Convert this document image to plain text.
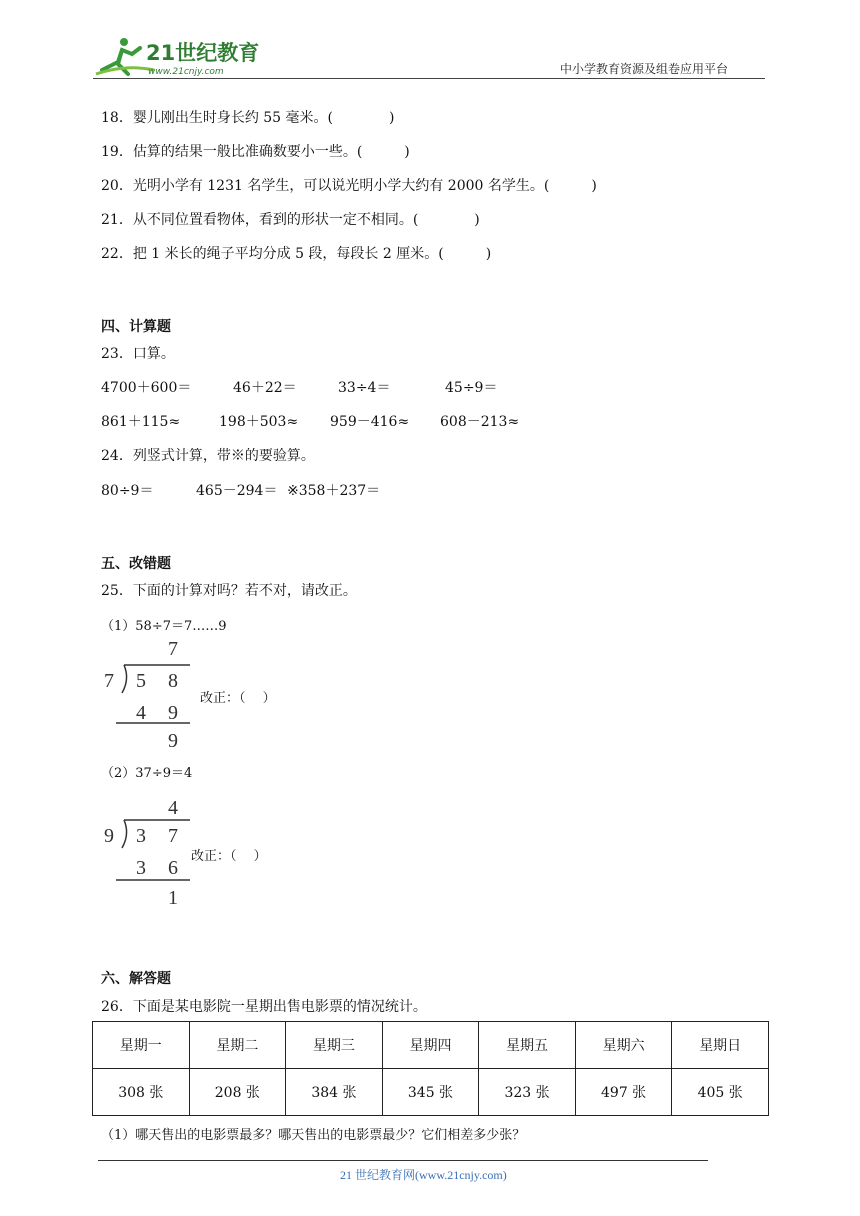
21世纪教育
www.21cnjy.com	中小学教育资源及组卷应用平台
18．婴儿刚出生时身长约 55 毫米。(　　　　)
19．估算的结果一般比准确数要小一些。(　　　)
20．光明小学有 1231 名学生，可以说光明小学大约有 2000 名学生。(　　　)
21．从不同位置看物体，看到的形状一定不相同。(　　　　)
22．把 1 米长的绳子平均分成 5 段，每段长 2 厘米。(　　　)
四、计算题
23．口算。
4700＋600＝	46＋22＝	33÷4＝	45÷9＝
861＋115≈	198＋503≈ 959－416≈ 608－213≈
24．列竖式计算，带※的要验算。
80÷9＝	465－294＝ ※358＋237＝
五、改错题
25．下面的计算对吗？若不对，请改正。
（1）58÷7＝7……9
7
7 5 8
4 9
9
改正：（　 ）
（2）37÷9＝4
4
9 3 7
3 6
1
改正：（　 ）
六、解答题
26．下面是某电影院一星期出售电影票的情况统计。
星期一	星期二	星期三	星期四	星期五	星期六	星期日
308 张	208 张	384 张	345 张	323 张	497 张	405 张
（1）哪天售出的电影票最多？哪天售出的电影票最少？它们相差多少张？
21 世纪教育网(www.21cnjy.com)
